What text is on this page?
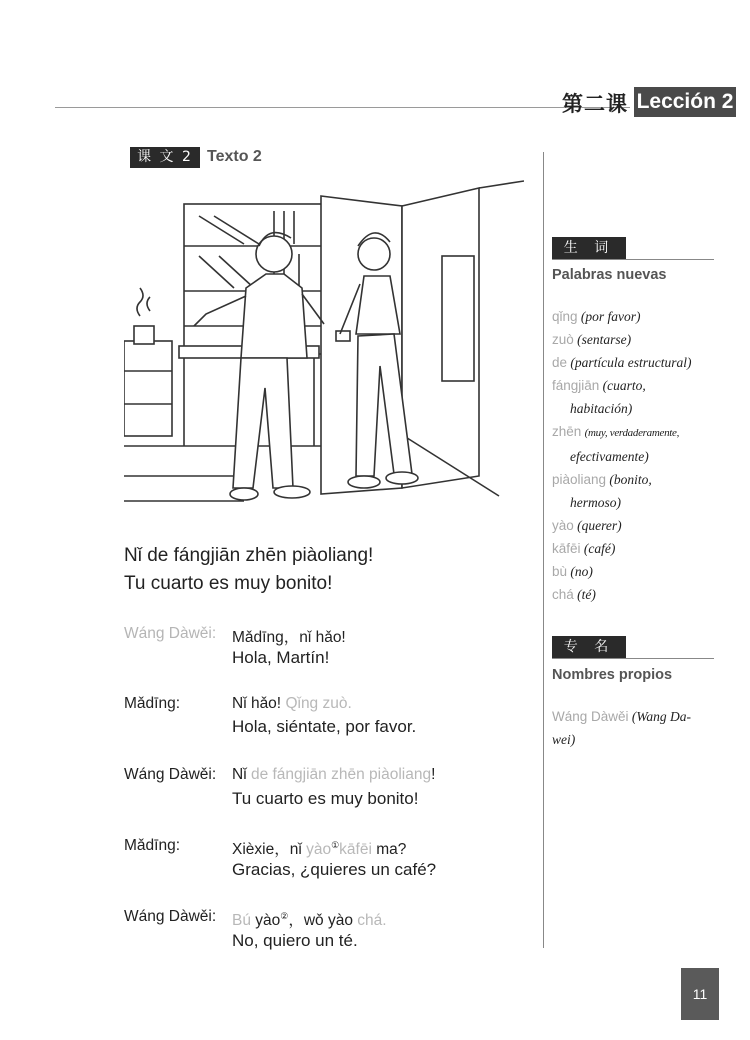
第二课 Lección 2
课 文 2 Texto 2
Nǐ de fángjiān zhēn piàoliang!
Tu cuarto es muy bonito!
Wáng Dàwěi: Mǎdīng，nǐ hǎo!
Hola, Martín!
Mǎdīng:	Nǐ hǎo! Qǐng zuò.
Hola, siéntate, por favor.
Wáng Dàwěi: Nǐ de fángjiān zhēn piàoliang!
Tu cuarto es muy bonito!
Mǎdīng:	Xièxie，nǐ yào①kāfēi ma?
Gracias, ¿quieres un café?
Wáng Dàwěi: Bú yào②，wǒ yào chá.
No, quiero un té.
生 词
Palabras nuevas
qǐng (por favor)
zuò (sentarse)
de (partícula estructural)
fángjiān (cuarto,
habitación)
zhēn (muy, verdaderamente,
efectivamente)
piàoliang (bonito,
hermoso)
yào (querer)
kāfēi (café)
bù (no)
chá (té)
专 名
Nombres propios
Wáng Dàwěi (Wang Da-
wei)
11
